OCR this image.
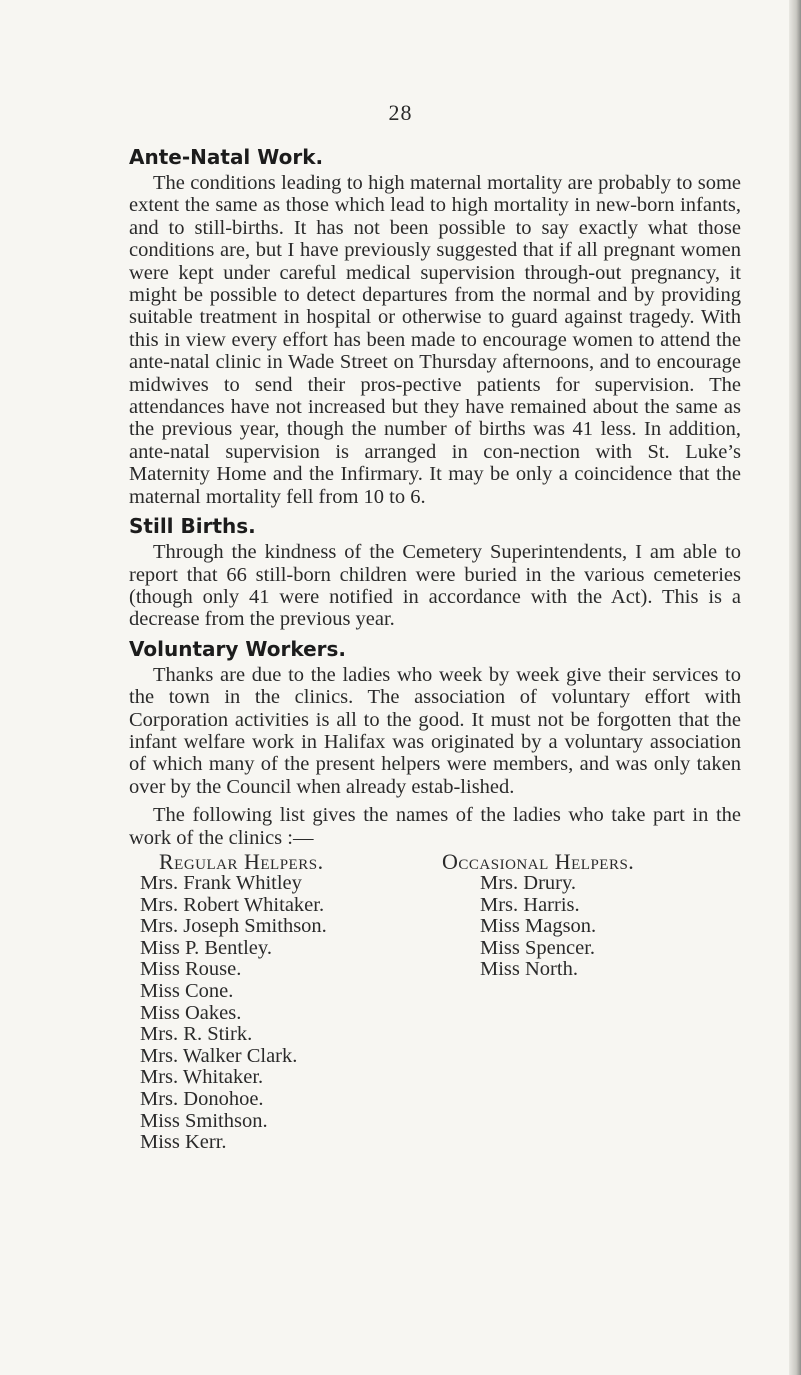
28
Ante-Natal Work.

The conditions leading to high maternal mortality are probably to some extent the same as those which lead to high mortality in new-born infants, and to still-births. It has not been possible to say exactly what those conditions are, but I have previously suggested that if all pregnant women were kept under careful medical supervision through-out pregnancy, it might be possible to detect departures from the normal and by providing suitable treatment in hospital or otherwise to guard against tragedy. With this in view every effort has been made to encourage women to attend the ante-natal clinic in Wade Street on Thursday afternoons, and to encourage midwives to send their pros-pective patients for supervision. The attendances have not increased but they have remained about the same as the previous year, though the number of births was 41 less. In addition, ante-natal supervision is arranged in con-nection with St. Luke’s Maternity Home and the Infirmary. It may be only a coincidence that the maternal mortality fell from 10 to 6.

Still Births.

Through the kindness of the Cemetery Superintendents, I am able to report that 66 still-born children were buried in the various cemeteries (though only 41 were notified in accordance with the Act). This is a decrease from the previous year.

Voluntary Workers.

Thanks are due to the ladies who week by week give their services to the town in the clinics. The association of voluntary effort with Corporation activities is all to the good. It must not be forgotten that the infant welfare work in Halifax was originated by a voluntary association of which many of the present helpers were members, and was only taken over by the Council when already estab-lished.

The following list gives the names of the ladies who take part in the work of the clinics :—

Regular Helpers.	Occasional Helpers.
Mrs. Frank Whitley
Mrs. Robert Whitaker.
Mrs. Joseph Smithson.
Miss P. Bentley.
Miss Rouse.
Miss Cone.
Miss Oakes.
Mrs. R. Stirk.
Mrs. Walker Clark.
Mrs. Whitaker.
Mrs. Donohoe.
Miss Smithson.
Miss Kerr.
Mrs. Drury.
Mrs. Harris.
Miss Magson.
Miss Spencer.
Miss North.
